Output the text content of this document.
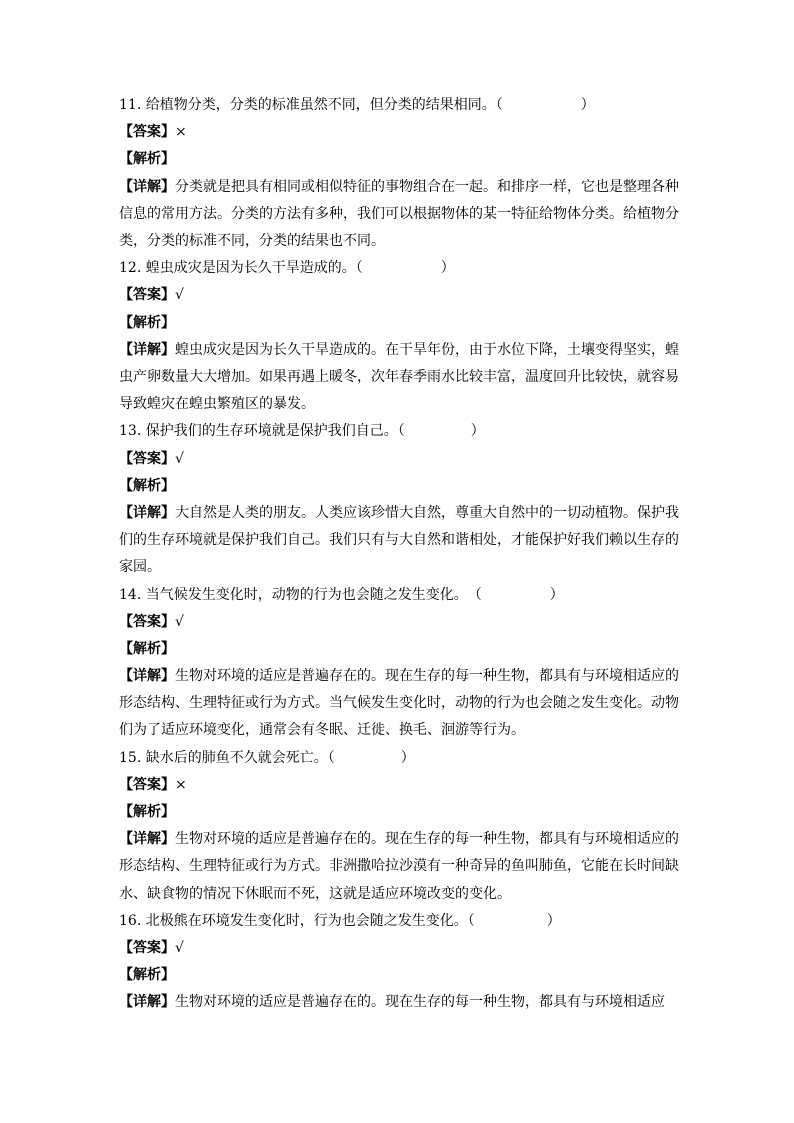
11. 给植物分类，分类的标准虽然不同，但分类的结果相同。（	）
【答案】×
【解析】
【详解】分类就是把具有相同或相似特征的事物组合在一起。和排序一样，它也是整理各种信息的常用方法。分类的方法有多种，我们可以根据物体的某一特征给物体分类。给植物分类，分类的标准不同，分类的结果也不同。
12. 蝗虫成灾是因为长久干旱造成的。（	）
【答案】√
【解析】
【详解】蝗虫成灾是因为长久干旱造成的。在干旱年份，由于水位下降，土壤变得坚实，蝗虫产卵数量大大增加。如果再遇上暖冬，次年春季雨水比较丰富，温度回升比较快，就容易导致蝗灾在蝗虫繁殖区的暴发。
13. 保护我们的生存环境就是保护我们自己。（	）
【答案】√
【解析】
【详解】大自然是人类的朋友。人类应该珍惜大自然，尊重大自然中的一切动植物。保护我们的生存环境就是保护我们自己。我们只有与大自然和谐相处，才能保护好我们赖以生存的家园。
14. 当气候发生变化时，动物的行为也会随之发生变化。　（	）
【答案】√
【解析】
【详解】生物对环境的适应是普遍存在的。现在生存的每一种生物，都具有与环境相适应的形态结构、生理特征或行为方式。当气候发生变化时，动物的行为也会随之发生变化。动物们为了适应环境变化，通常会有冬眠、迁徙、换毛、洄游等行为。
15. 缺水后的肺鱼不久就会死亡。（	）
【答案】×
【解析】
【详解】生物对环境的适应是普遍存在的。现在生存的每一种生物，都具有与环境相适应的形态结构、生理特征或行为方式。非洲撒哈拉沙漠有一种奇异的鱼叫肺鱼，它能在长时间缺水、缺食物的情况下休眠而不死，这就是适应环境改变的变化。
16. 北极熊在环境发生变化时，行为也会随之发生变化。（	）
【答案】√
【解析】
【详解】生物对环境的适应是普遍存在的。现在生存的每一种生物，都具有与环境相适应
